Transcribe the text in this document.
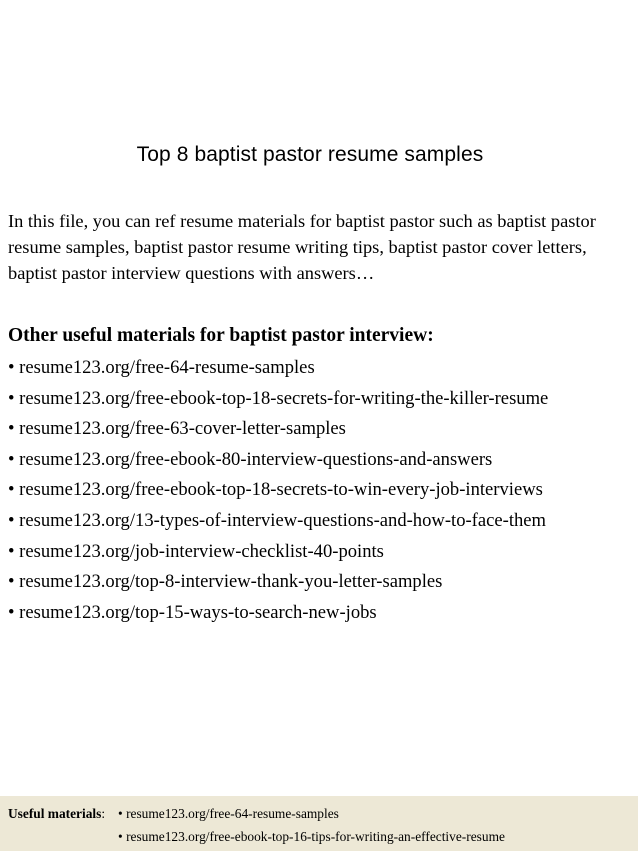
Top 8 baptist pastor resume samples

In this file, you can ref resume materials for baptist pastor such as baptist pastor resume samples, baptist pastor resume writing tips, baptist pastor cover letters, baptist pastor interview questions with answers…

Other useful materials for baptist pastor interview:
• resume123.org/free-64-resume-samples
• resume123.org/free-ebook-top-18-secrets-for-writing-the-killer-resume
• resume123.org/free-63-cover-letter-samples
• resume123.org/free-ebook-80-interview-questions-and-answers
• resume123.org/free-ebook-top-18-secrets-to-win-every-job-interviews
• resume123.org/13-types-of-interview-questions-and-how-to-face-them
• resume123.org/job-interview-checklist-40-points
• resume123.org/top-8-interview-thank-you-letter-samples
• resume123.org/top-15-ways-to-search-new-jobs
Useful materials: • resume123.org/free-64-resume-samples
• resume123.org/free-ebook-top-16-tips-for-writing-an-effective-resume
